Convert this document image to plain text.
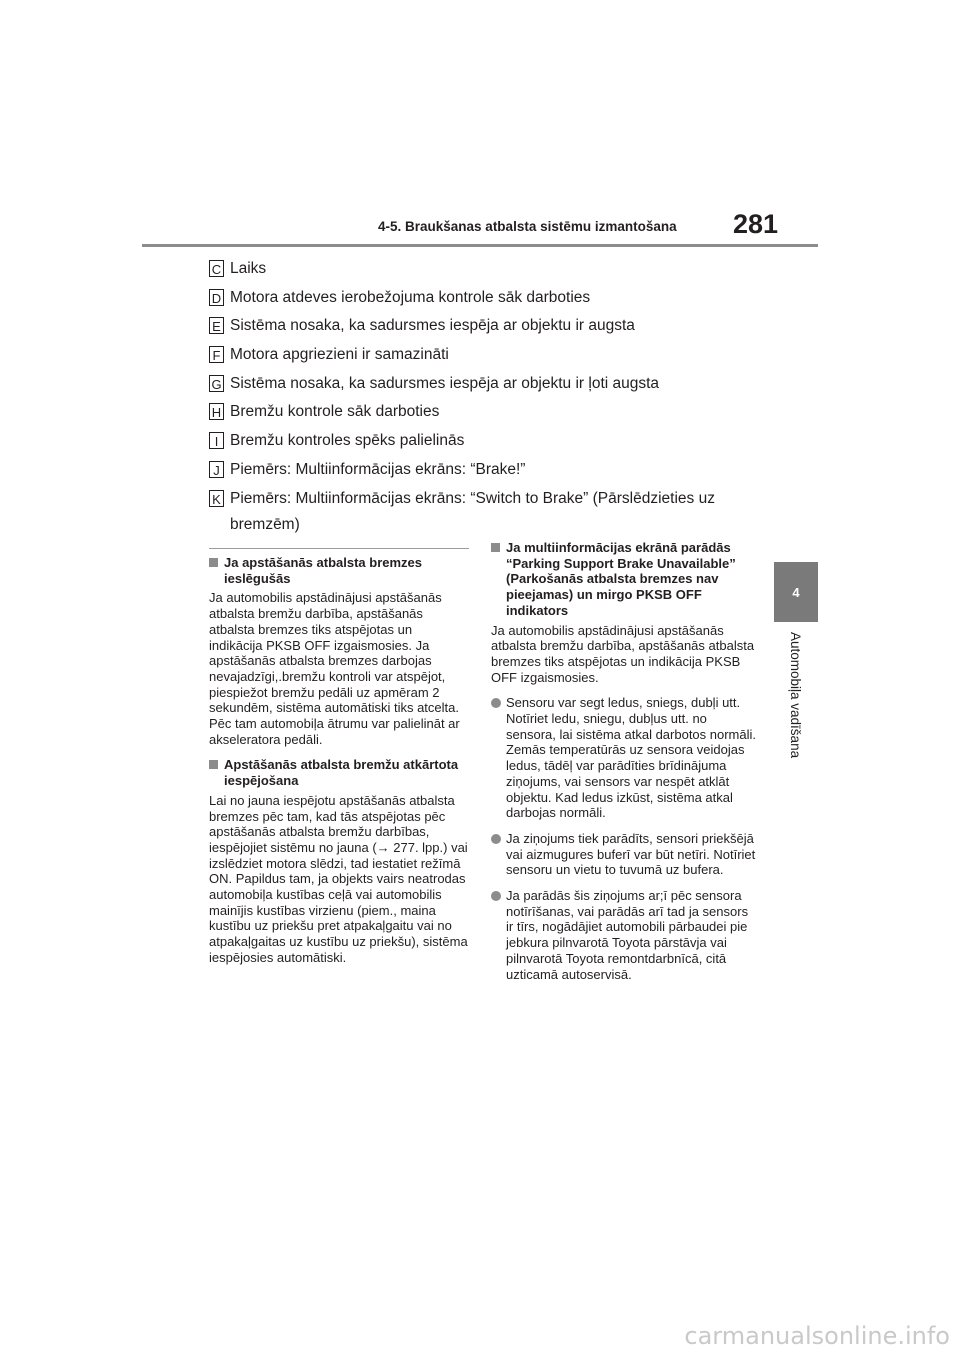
4-5. Braukšanas atbalsta sistēmu izmantošana 281
4
Automobiļa vadīšana
C Laiks
D Motora atdeves ierobežojuma kontrole sāk darboties
E Sistēma nosaka, ka sadursmes iespēja ar objektu ir augsta
F Motora apgriezieni ir samazināti
G Sistēma nosaka, ka sadursmes iespēja ar objektu ir ļoti augsta
H Bremžu kontrole sāk darboties
I Bremžu kontroles spēks palielinās
J Piemērs: Multiinformācijas ekrāns: “Brake!”
K Piemērs: Multiinformācijas ekrāns: “Switch to Brake” (Pārslēdzieties uz bremzēm)
Ja apstāšanās atbalsta bremzes ieslēgušās
Ja automobilis apstādinājusi apstāšanās atbalsta bremžu darbība, apstāšanās atbalsta bremzes tiks atspējotas un indikācija PKSB OFF izgaismosies. Ja apstāšanās atbalsta bremzes darbojas nevajadzīgi,.bremžu kontroli var atspējot, piespiežot bremžu pedāli uz apmēram 2 sekundēm, sistēma automātiski tiks atcelta. Pēc tam automobiļa ātrumu var palielināt ar akseleratora pedāli.
Apstāšanās atbalsta bremžu atkārtota iespējošana
Lai no jauna iespējotu apstāšanās atbalsta bremzes pēc tam, kad tās atspējotas pēc apstāšanās atbalsta bremžu darbības, iespējojiet sistēmu no jauna (→ 277. lpp.) vai izslēdziet motora slēdzi, tad iestatiet režīmā ON. Papildus tam, ja objekts vairs neatrodas automobiļa kustības ceļā vai automobilis mainījis kustības virzienu (piem., maina kustību uz priekšu pret atpakaļgaitu vai no atpakaļgaitas uz kustību uz priekšu), sistēma iespējosies automātiski.
Ja multiinformācijas ekrānā parādās “Parking Support Brake Unavailable” (Parkošanās atbalsta bremzes nav pieejamas) un mirgo PKSB OFF indikators
Ja automobilis apstādinājusi apstāšanās atbalsta bremžu darbība, apstāšanās atbalsta bremzes tiks atspējotas un indikācija PKSB OFF izgaismosies.
Sensoru var segt ledus, sniegs, dubļi utt. Notīriet ledu, sniegu, dubļus utt. no sensora, lai sistēma atkal darbotos normāli.
Zemās temperatūrās uz sensora veidojas ledus, tādēļ var parādīties brīdinājuma ziņojums, vai sensors var nespēt atklāt objektu. Kad ledus izkūst, sistēma atkal darbojas normāli.
Ja ziņojums tiek parādīts, sensori priekšējā vai aizmugures buferī var būt netīri. Notīriet sensoru un vietu to tuvumā uz bufera.
Ja parādās šis ziņojums ar;ī pēc sensora notīrīšanas, vai parādās arī tad ja sensors ir tīrs, nogādājiet automobili pārbaudei pie jebkura pilnvarotā Toyota pārstāvja vai pilnvarotā Toyota remontdarbnīcā, citā uzticamā autoservisā.
carmanualsonline.info
